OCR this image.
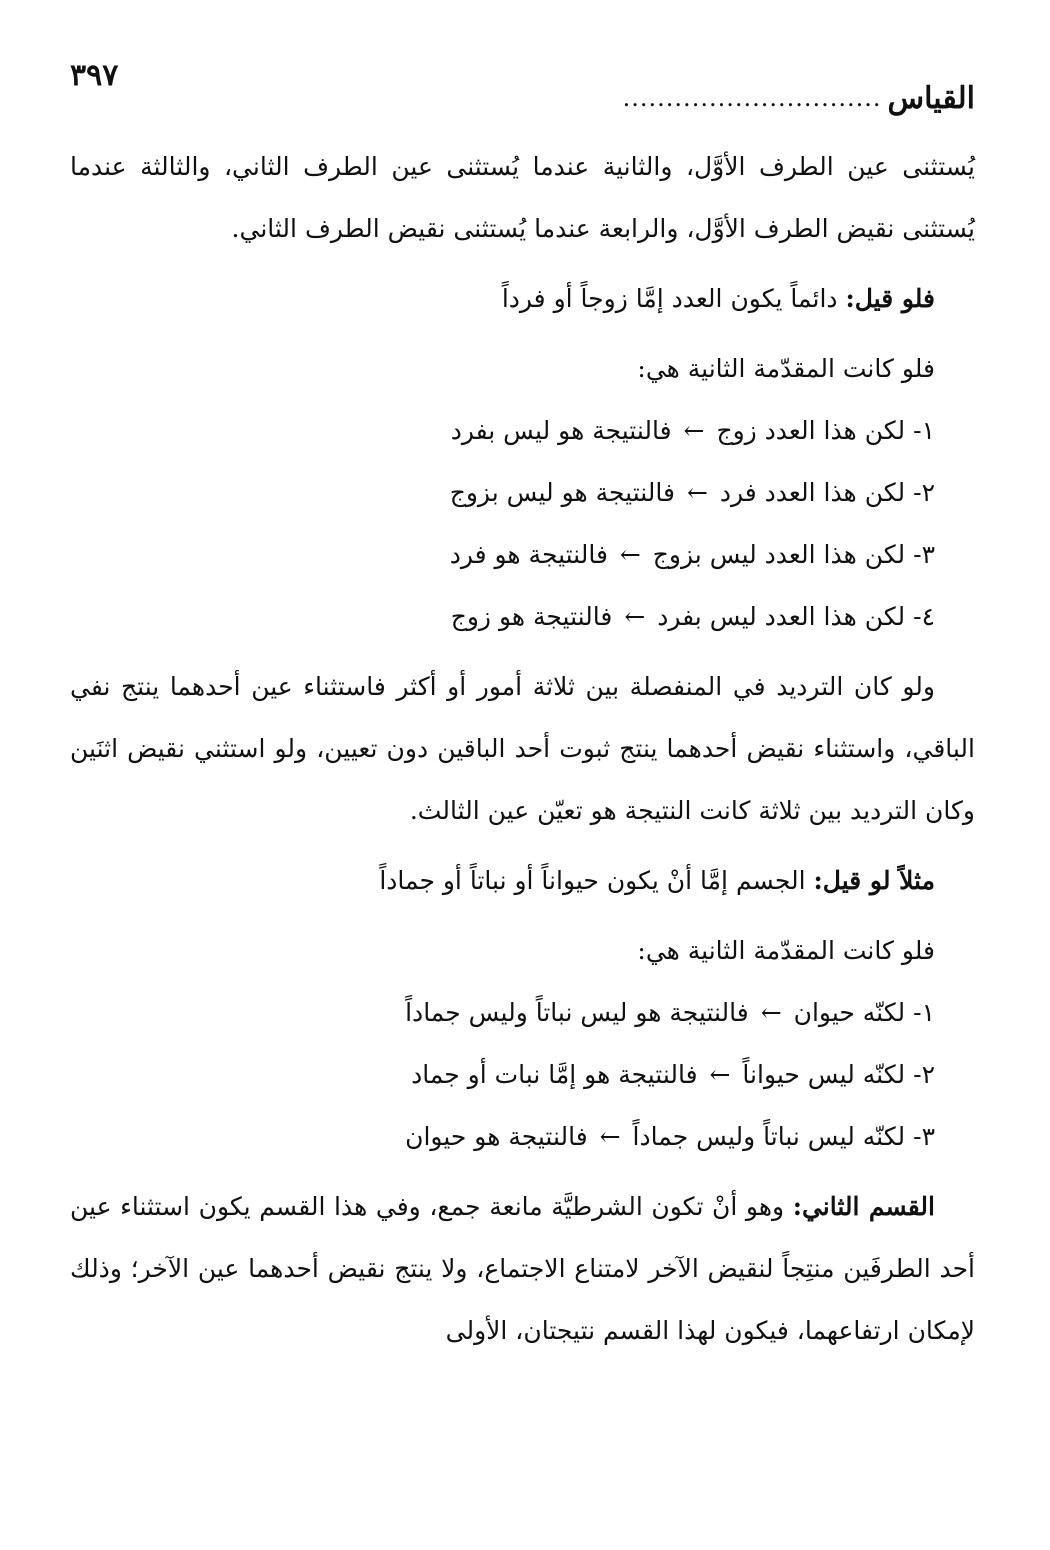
القياس
..............................
٣٩٧

يُستثنى عين الطرف الأوَّل، والثانية عندما يُستثنى عين الطرف الثاني، والثالثة عندما يُستثنى نقيض الطرف الأوَّل، والرابعة عندما يُستثنى نقيض الطرف الثاني.

فلو قيل: دائماً يكون العدد إمَّا زوجاً أو فرداً

فلو كانت المقدّمة الثانية هي:

١- لكن هذا العدد زوج ← فالنتيجة هو ليس بفرد
٢- لكن هذا العدد فرد ← فالنتيجة هو ليس بزوج
٣- لكن هذا العدد ليس بزوج ← فالنتيجة هو فرد
٤- لكن هذا العدد ليس بفرد ← فالنتيجة هو زوج

ولو كان الترديد في المنفصلة بين ثلاثة أمور أو أكثر فاستثناء عين أحدهما ينتج نفي الباقي، واستثناء نقيض أحدهما ينتج ثبوت أحد الباقين دون تعيين، ولو استثني نقيض اثنَين وكان الترديد بين ثلاثة كانت النتيجة هو تعيّن عين الثالث.

مثلاً لو قيل: الجسم إمَّا أنْ يكون حيواناً أو نباتاً أو جماداً

فلو كانت المقدّمة الثانية هي:

١- لكنّه حيوان ← فالنتيجة هو ليس نباتاً وليس جماداً
٢- لكنّه ليس حيواناً ← فالنتيجة هو إمَّا نبات أو جماد
٣- لكنّه ليس نباتاً وليس جماداً ← فالنتيجة هو حيوان

القسم الثاني: وهو أنْ تكون الشرطيَّة مانعة جمع، وفي هذا القسم يكون استثناء عين أحد الطرفَين منتِجاً لنقيض الآخر لامتناع الاجتماع، ولا ينتج نقيض أحدهما عين الآخر؛ وذلك لإمكان ارتفاعهما، فيكون لهذا القسم نتيجتان، الأولى
